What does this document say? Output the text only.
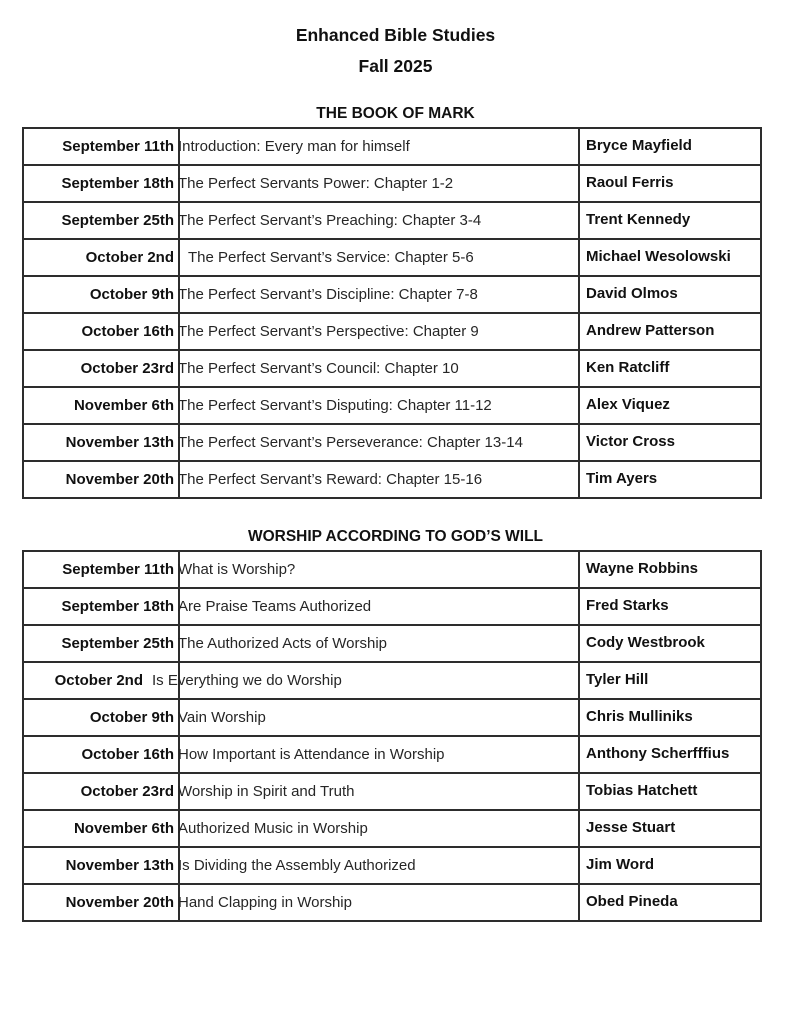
Enhanced Bible Studies
Fall 2025
THE BOOK OF MARK
September 11th	Introduction: Every man for himself	Bryce Mayfield
September 18th	The Perfect Servants Power: Chapter 1-2	Raoul Ferris
September 25th	The Perfect Servant’s Preaching: Chapter 3-4	Trent Kennedy
October 2nd	The Perfect Servant’s Service: Chapter 5-6	Michael Wesolowski
October 9th	The Perfect Servant’s Discipline: Chapter 7-8	David Olmos
October 16th	The Perfect Servant’s Perspective: Chapter 9	Andrew Patterson
October 23rd	The Perfect Servant’s Council: Chapter 10	Ken Ratcliff
November 6th	The Perfect Servant’s Disputing: Chapter 11-12	Alex Viquez
November 13th	The Perfect Servant’s Perseverance: Chapter 13-14	Victor Cross
November 20th	The Perfect Servant’s Reward: Chapter 15-16	Tim Ayers
WORSHIP ACCORDING TO GOD’S WILL
September 11th	What is Worship?	Wayne Robbins
September 18th	Are Praise Teams Authorized	Fred Starks
September 25th	The Authorized Acts of Worship	Cody Westbrook
October 2nd	Is Everything we do Worship	Tyler Hill
October 9th	Vain Worship	Chris Mulliniks
October 16th	How Important is Attendance in Worship	Anthony Scherfffius
October 23rd	Worship in Spirit and Truth	Tobias Hatchett
November 6th	Authorized Music in Worship	Jesse Stuart
November 13th	Is Dividing the Assembly Authorized	Jim Word
November 20th	Hand Clapping in Worship	Obed Pineda
